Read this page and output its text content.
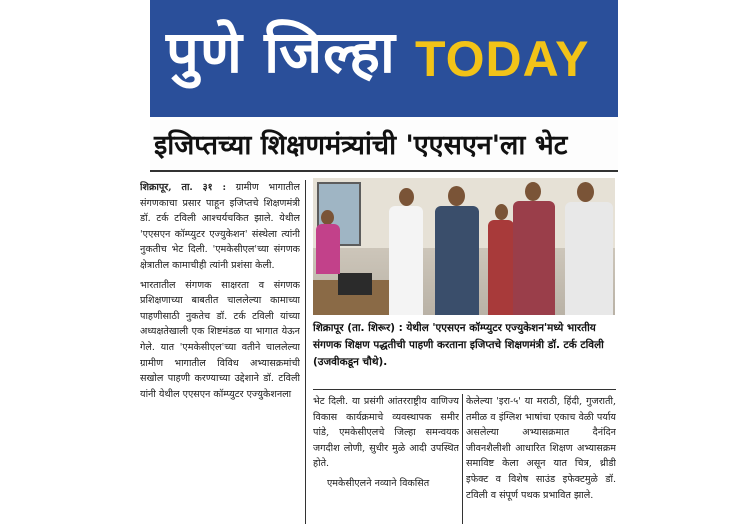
पुणे जिल्हा TODAY
इजिप्तच्या शिक्षणमंत्र्यांची 'एएसएन'ला भेट

शिक्रापूर, ता. ३१ : ग्रामीण भागातील संगणकाचा प्रसार पाहून इजिप्तचे शिक्षणमंत्री डॉ. टर्क टविली आश्चर्यचकित झाले. येथील 'एएसएन कॉम्प्युटर एज्युकेशन' संस्थेला त्यांनी नुकतीच भेट दिली. 'एमकेसीएल'च्या संगणक क्षेत्रातील कामाचीही त्यांनी प्रशंसा केली.

भारतातील संगणक साक्षरता व संगणक प्रशिक्षणाच्या बाबतीत चाललेल्या कामाच्या पाहणीसाठी नुकतेच डॉ. टर्क टविली यांच्या अध्यक्षतेखाली एक शिष्टमंडळ या भागात येऊन गेले. यात 'एमकेसीएल'च्या वतीने चाललेल्या ग्रामीण भागातील विविध अभ्यासक्रमांची सखोल पाहणी करण्याच्या उद्देशाने डॉ. टविली यांनी येथील एएसएन कॉम्प्युटर एज्युकेशनला

शिक्रापूर (ता. शिरूर) : येथील 'एएसएन कॉम्प्युटर एज्युकेशन'मध्ये भारतीय संगणक शिक्षण पद्धतीची पाहणी करताना इजिप्तचे शिक्षणमंत्री डॉ. टर्क टविली (उजवीकडून चौथे).

भेट दिली. या प्रसंगी आंतरराष्ट्रीय वाणिज्य विकास कार्यक्रमाचे व्यवस्थापक समीर पांडे, एमकेसीएलचे जिल्हा समन्वयक जगदीश लोणी, सुधीर मुळे आदी उपस्थित होते.

एमकेसीएलने नव्याने विकसित

केलेल्या 'इरा-५' या मराठी, हिंदी, गुजराती, तमीळ व इंग्लिश भाषांचा एकाच वेळी पर्याय असलेल्या अभ्यासक्रमात दैनंदिन जीवनशैलीशी आधारित शिक्षण अभ्यासक्रम समाविष्ट केला असून यात चित्र, थ्रीडी इफेक्ट व विशेष साउंड इफेक्टमुळे डॉ. टविली व संपूर्ण पथक प्रभावित झाले.
